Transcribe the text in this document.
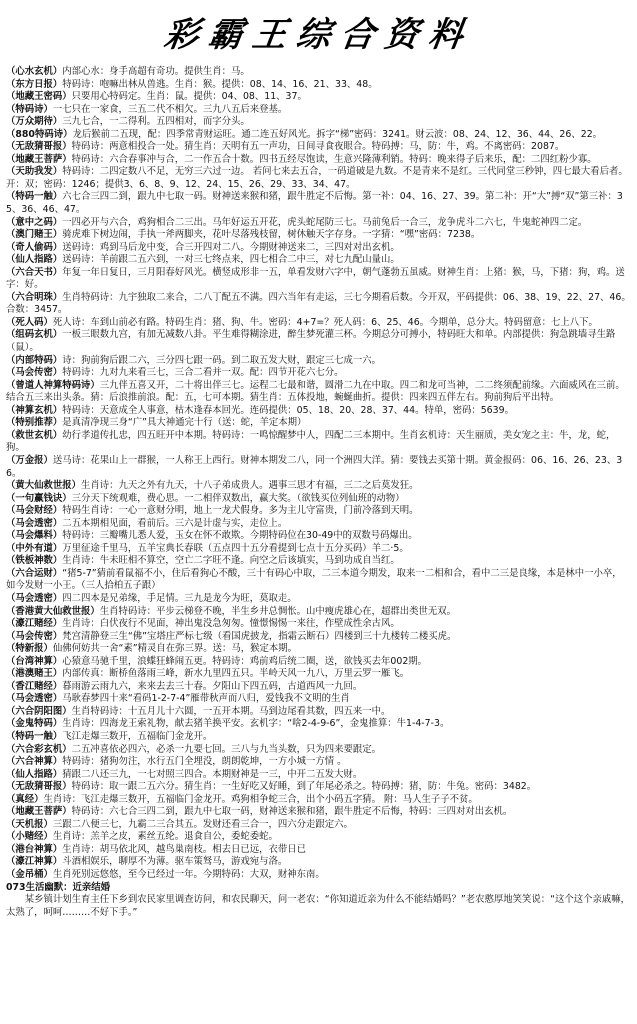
彩霸王综合资料
（心水玄机）内部心水：身手高超有奇功。提供生肖：马。
（东方日报）特码诗：咆嘛出林从兽逃。生肖：猴。提供：08、14、16、21、33、48。
（地藏王密码）只要用心特码定。生肖：鼠。提供：04、08、11、37。
（特码诗）一七只在一家食，三五二代不相欠。三九八五后来登基。
（万众期待）三九七合，一二得利。五四相对，而字分头。
（880特码诗）龙后猴前二五现，配：四季常青财运旺。通二连五好风光。拆字“梯”密码：3241。财云波：08、24、12、36、44、26、22。
（无敌猜哥报）特码诗：两意相投合一处。猜生肖：天明有五一声功，日间寻食夜眼合。特码搏：马，防：牛，鸡。不离密码：2087。
（地藏王菩萨）特码诗：六合春事冲与合，二一作五合十数。四书五经尽饱读，生意兴隆薄利销。特码：晚来得子后来乐，配：二四红粉少寡。
（天助我发）特码诗：二四定数八不足，无穷三六过一边。 若问七来去五合，一码道破是九数。不是青来不是红。三代同堂三秒钟，四七最大看后者。 开：双；密码：1246；提供3、6、8、9、12、24、15、26、29、33、34、47。
（特码一触）六七合三四二到，跟九中七取一码。财神送来猴和猪，跟牛胜定不后悔。第一补：04、16、27、39。第二补：开“大”搏“双”第三补：35、36、46、47。
（意中之码）一四必开与六合，鸡狗相合二三出。马年好运五开花，虎头蛇尾防三七。马前兔后一合三，龙争虎斗二六七，牛鬼蛇神四二定。
（澳门赌王）骑虎难下树边闹，手执一斧两脚夹，花叶尽落残枝留，树休触天字存身。一字猜：“嘿”密码：7238。
（奇人偷码）送码诗：鸡到马后龙中变，合三开四对二八。今期财神送来二，三四对对出玄机。
（仙人指路）送码诗：羊前跟二五六到，一对三七终点来，四七相合二中三，对七九配山量山。
（六合天书）年复一年日复日，三月阳春好风光。横竖成形非一五，单看发财六字中，朝气蓬勃五虽威。财神生肖：上猪：猴，马，下猪：狗，鸡。送字：好。
（六合明珠）生肖特码诗：九宇独取二来合，二八丁配五不满。四六当年有走运，三七今期看后数。今开双，平码提供：06、38、19、22、27、46。合数：3457。
（死人码）死人诗：车到山前必有路。特码生肖：猪、狗、牛。密码：4+7=？死人码：6、25、46。今期单，总分大。特码留意：七上八下。
（组码玄机）一板三眼数九宫，有加无减数八卦。平生难得糊涂进，醉生梦死灌三杯。今期总分可搏小，特码旺大和单。内部提供：狗急跳墙寻生路（鼠）。
（内部特码）诗：狗前狗后跟二六，三分四七跟一码。到二取五发大财，跟定三七成一六。
（马会传密）特码诗：九对九来看三七，三合二看并一双。配：四节开花六七分。
（曾道人神算特码诗）三九伴五喜又开，二十将出伴三七。运程二七最和谐，圆滑二九在中取。四二和龙可当神，二二终须配前缘。六面威风在三前。结合五三来出头条。猜：后浪推前浪。配：五，七可本期。猜生肖：五体投地，蜿蜒曲折。提供：四来四五伴左右。狗前狗后平出特。
（神算玄机）特码诗：天意成全人事意，枯木逢春本回光。连码提供：05、18、20、28、37、44。特单，密码：5639。
（特别推荐）是真清净现三身“广”具大神通完十行（送：蛇，羊定本期）
（救世玄机）幼行孝道传扎忠，四五旺开中本期。特码诗：一鸣惊醒梦中人，四配二三本期中。生肖玄机诗：天生丽质，美女宠之主：牛，龙，蛇，狗。
（万金报）送马诗：花果山上一群猴，一人称王上西行。财神本期发二八，同一个洲四大洋。猜：要钱去买第十期。黄金报码：06、16、26、23、36。
（黄大仙救世报）生肖诗：九天之外有九天，十八子弟成贵人。遇事三思才有福，三二之后莫发狂。
（一句赢钱诀）三分天下统观难，费心思。一二相伴双数出，赢大奖。（欲钱买位列仙班的动物）
（马会财经）特码生肖诗：一心一意财分明，地上一龙犬假身。多为主儿守富贵，门前冷落到天明。
（马会透密）二五本期相见面，看前后。三六是计虚与实，走位上。
（马会爆料）特码诗：三瓣嘴儿悉人爱，玉女在怀不敢欺。今期特码位在30-49中的双数号码爆出。
（中外有道）万里征途千里马，五羊宝典长春联（五点四十五分看提到七点十五分买码）羊二·5。
（铁板神数）生肖诗：牛未旺相不算空，空亡二字旺不逢。向空之后该填实，马到功成自当红。
（六合运财）“猪5-7”猜前看鼠福不小，住后看狗心不酸，三十有码心中取，二三本道今期发，取来一二相和合，看中二三是良缘，本是林中一小卒，如今发财一小王。（三人拾柏五子跟）
（马会透密）四二四本是兄弟缘，手足情。三九是龙今为旺，莫取走。
（香港黄大仙救世报）生肖特码诗：平步云梯登不晚，半生乡井总惆怅。山中瘦虎雄心在，超群出类世无双。
（濠江赌经）生肖诗：白伏夜行不见面，神出鬼没急匆匆。憧憬惕惕一来往，作壁成性余古风。
（马会传密）梵宫清静登三生“佛”宝塔庄严标七级（看国虎披龙，指霜云断石）四楼到三十九楼转二楼买虎。
（特新报）仙佛何妨共一舍“素”精灵自在弥三界。送：马，猴定本期。
（台湾神算）心猿意马驰千里，浪蝶狂蜂闹五更。特码诗：鸡前鸡后统二圈，送，欲钱买去年002期。
（港澳赌王）内部传真：断桥鱼落雨三峰，新水九里四五只。半岭天风一九八，万里云罗一雁飞。
（香江赌经）暮雨游云雨九六，来来去去三十春。夕阳山下四五码，古道西风一九回。
（马会透密）马耿春梦四十来“看码1-2-7-4”雁带秋声而八归，爱钱我不文明的生肖
（六合阴阳图）生肖特码诗：十五月儿十六圆，一五开本期。马到边尾看其数，四五来一中。
（金鬼特码）生肖诗：四海龙王索礼物，献去猪羊换平安。玄机字：“啥2-4-9-6”，金鬼推算：牛1-4-7-3。
（特码一触）飞江走爆三数开，五福临门金龙开。
（六合彩玄机）二五冲喜依必四六，必杀一九要七回。三八与九当头数，只为四来要跟定。
（六合神算）特码诗：猪狗勿注，水行五门全埋没，朗朗乾坤，一方小城一方情 。
（仙人指路）猜跟二八还三九，一七对照三四合。本期财神是一三，中开二五发大财。
（无敌猜哥报）特码诗：取一跟二五六分。猜生肖：一生好吃又好睡，到了年尾必杀之。特码搏：猪，防：牛兔。密码：3482。
（真经）生肖诗：飞江走爆三数开，五福临门金龙开。鸡狗相争蛇三合，出个小码五字猜。 附：马人生子子不贫。
（地藏王菩萨）特码诗：六七合三四二到，跟九中七取一码，财神送来猴和猪，跟牛胜定不后悔，特码：三四对对出玄机。
（天机报）三跟二八便三七，九霸二三合其五。发财还看三合一，四六分走跟定六。
（小赌经）生肖诗：羔羊之皮，素丝五纶。退食自公，委蛇委蛇。
（港台神算）生肖诗：胡马依北风，越鸟巢南枝。相去日已远，衣带日已
（濠江神算）斗酒相娱乐，聊厚不为薄。驱车策驽马，游戏宛与洛。
（金吊桶）生肖死别远悠悠，至今已经过一年。今期特码：大双，财神东南。
073生活幽默：近亲结婚
某乡镇计划生育主任下乡到农民家里调查访问，和农民聊天，问一老农：“你知道近亲为什么不能结婚吗？”老农憨厚地笑笑说：“这个这个亲戚嘛，太熟了，呵呵………不好下手。”
